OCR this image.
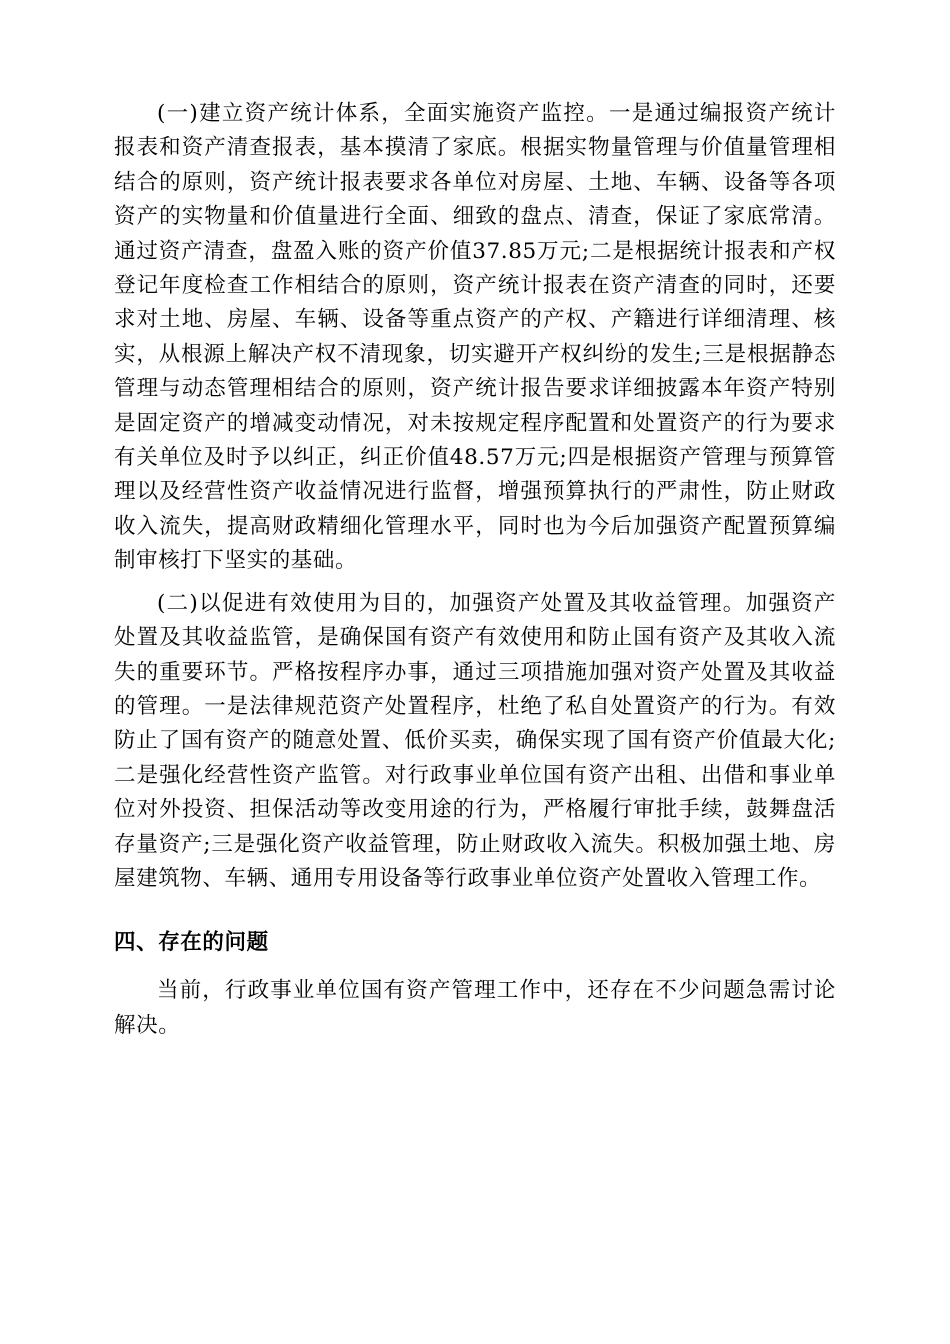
(一)建立资产统计体系，全面实施资产监控。一是通过编报资产统计报表和资产清查报表，基本摸清了家底。根据实物量管理与价值量管理相结合的原则，资产统计报表要求各单位对房屋、土地、车辆、设备等各项资产的实物量和价值量进行全面、细致的盘点、清查，保证了家底常清。通过资产清查，盘盈入账的资产价值37.85万元;二是根据统计报表和产权登记年度检查工作相结合的原则，资产统计报表在资产清查的同时，还要求对土地、房屋、车辆、设备等重点资产的产权、产籍进行详细清理、核实，从根源上解决产权不清现象，切实避开产权纠纷的发生;三是根据静态管理与动态管理相结合的原则，资产统计报告要求详细披露本年资产特别是固定资产的增减变动情况，对未按规定程序配置和处置资产的行为要求有关单位及时予以纠正，纠正价值48.57万元;四是根据资产管理与预算管理以及经营性资产收益情况进行监督，增强预算执行的严肃性，防止财政收入流失，提高财政精细化管理水平，同时也为今后加强资产配置预算编制审核打下坚实的基础。

(二)以促进有效使用为目的，加强资产处置及其收益管理。加强资产处置及其收益监管，是确保国有资产有效使用和防止国有资产及其收入流失的重要环节。严格按程序办事，通过三项措施加强对资产处置及其收益的管理。一是法律规范资产处置程序，杜绝了私自处置资产的行为。有效防止了国有资产的随意处置、低价买卖，确保实现了国有资产价值最大化;二是强化经营性资产监管。对行政事业单位国有资产出租、出借和事业单位对外投资、担保活动等改变用途的行为，严格履行审批手续，鼓舞盘活存量资产;三是强化资产收益管理，防止财政收入流失。积极加强土地、房屋建筑物、车辆、通用专用设备等行政事业单位资产处置收入管理工作。

四、存在的问题

当前，行政事业单位国有资产管理工作中，还存在不少问题急需讨论解决。
